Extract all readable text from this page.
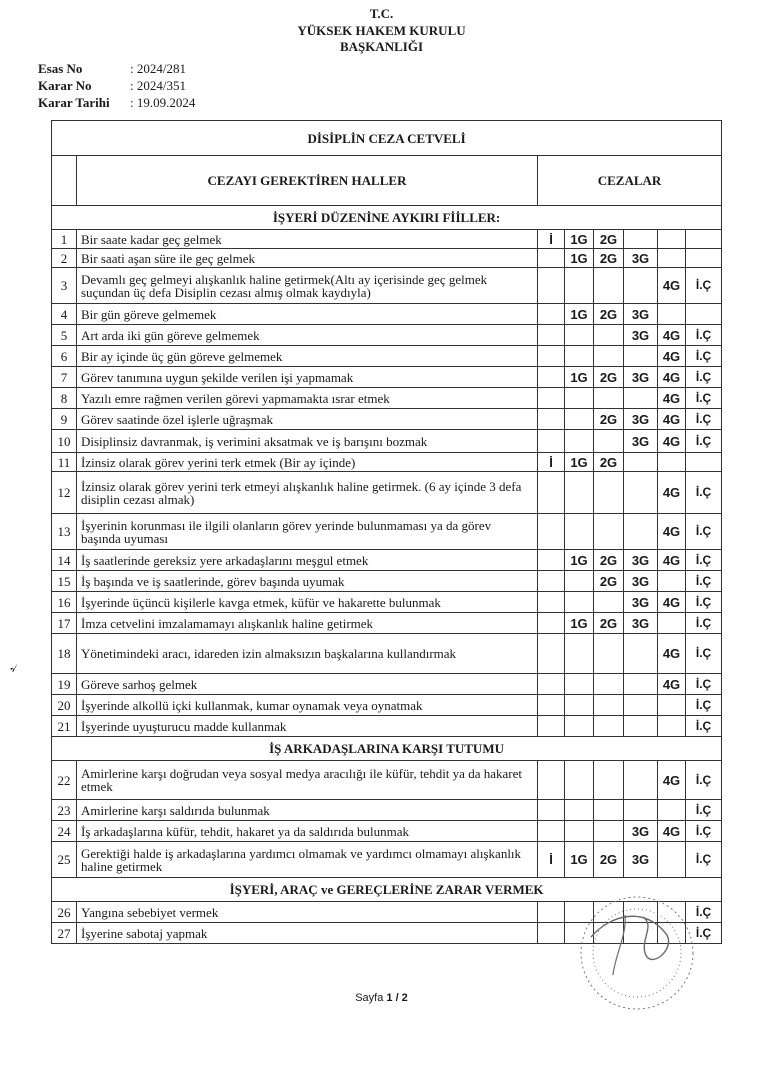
T.C.
YÜKSEK HAKEM KURULU
BAŞKANLIĞI
Esas No	: 2024/281
Karar No	: 2024/351
Karar Tarihi	: 19.09.2024
৵
DİSİPLİN CEZA CETVELİ							
	CEZAYI GEREKTİREN HALLER	CEZALAR					
İŞYERİ DÜZENİNE AYKIRI FİİLLER:							
1	Bir saate kadar geç gelmek	İ	1G	2G			
2	Bir saati aşan süre ile geç gelmek		1G	2G	3G		
3	Devamlı geç gelmeyi alışkanlık haline getirmek(Altı ay içerisinde geç gelmek suçundan üç defa Disiplin cezası almış olmak kaydıyla)					4G	İ.Ç
4	Bir gün göreve gelmemek		1G	2G	3G		
5	Art arda iki gün göreve gelmemek				3G	4G	İ.Ç
6	Bir ay içinde üç gün göreve gelmemek					4G	İ.Ç
7	Görev tanımına uygun şekilde verilen işi yapmamak		1G	2G	3G	4G	İ.Ç
8	Yazılı emre rağmen verilen görevi yapmamakta ısrar etmek					4G	İ.Ç
9	Görev saatinde özel işlerle uğraşmak			2G	3G	4G	İ.Ç
10	Disiplinsiz davranmak, iş verimini aksatmak ve iş barışını bozmak				3G	4G	İ.Ç
11	İzinsiz olarak görev yerini terk etmek (Bir ay içinde)	İ	1G	2G			
12	İzinsiz olarak görev yerini terk etmeyi alışkanlık haline getirmek. (6 ay içinde 3 defa disiplin cezası almak)					4G	İ.Ç
13	İşyerinin korunması ile ilgili olanların görev yerinde bulunmaması ya da görev başında uyuması					4G	İ.Ç
14	İş saatlerinde gereksiz yere arkadaşlarını meşgul etmek		1G	2G	3G	4G	İ.Ç
15	İş başında ve iş saatlerinde, görev başında uyumak			2G	3G		İ.Ç
16	İşyerinde üçüncü kişilerle kavga etmek, küfür ve hakarette bulunmak				3G	4G	İ.Ç
17	İmza cetvelini imzalamamayı alışkanlık haline getirmek		1G	2G	3G		İ.Ç
18	Yönetimindeki aracı, idareden izin almaksızın başkalarına kullandırmak					4G	İ.Ç
19	Göreve sarhoş gelmek					4G	İ.Ç
20	İşyerinde alkollü içki kullanmak, kumar oynamak veya oynatmak						İ.Ç
21	İşyerinde uyuşturucu madde kullanmak						İ.Ç
İŞ ARKADAŞLARINA KARŞI TUTUMU							
22	Amirlerine karşı doğrudan veya sosyal medya aracılığı ile küfür, tehdit ya da hakaret etmek					4G	İ.Ç
23	Amirlerine karşı saldırıda bulunmak						İ.Ç
24	İş arkadaşlarına küfür, tehdit, hakaret ya da saldırıda bulunmak				3G	4G	İ.Ç
25	Gerektiği halde iş arkadaşlarına yardımcı olmamak ve yardımcı olmamayı alışkanlık haline getirmek	İ	1G	2G	3G		İ.Ç
İŞYERİ, ARAÇ ve GEREÇLERİNE ZARAR VERMEK							
26	Yangına sebebiyet vermek						İ.Ç
27	İşyerine sabotaj yapmak						İ.Ç
Sayfa 1 / 2
